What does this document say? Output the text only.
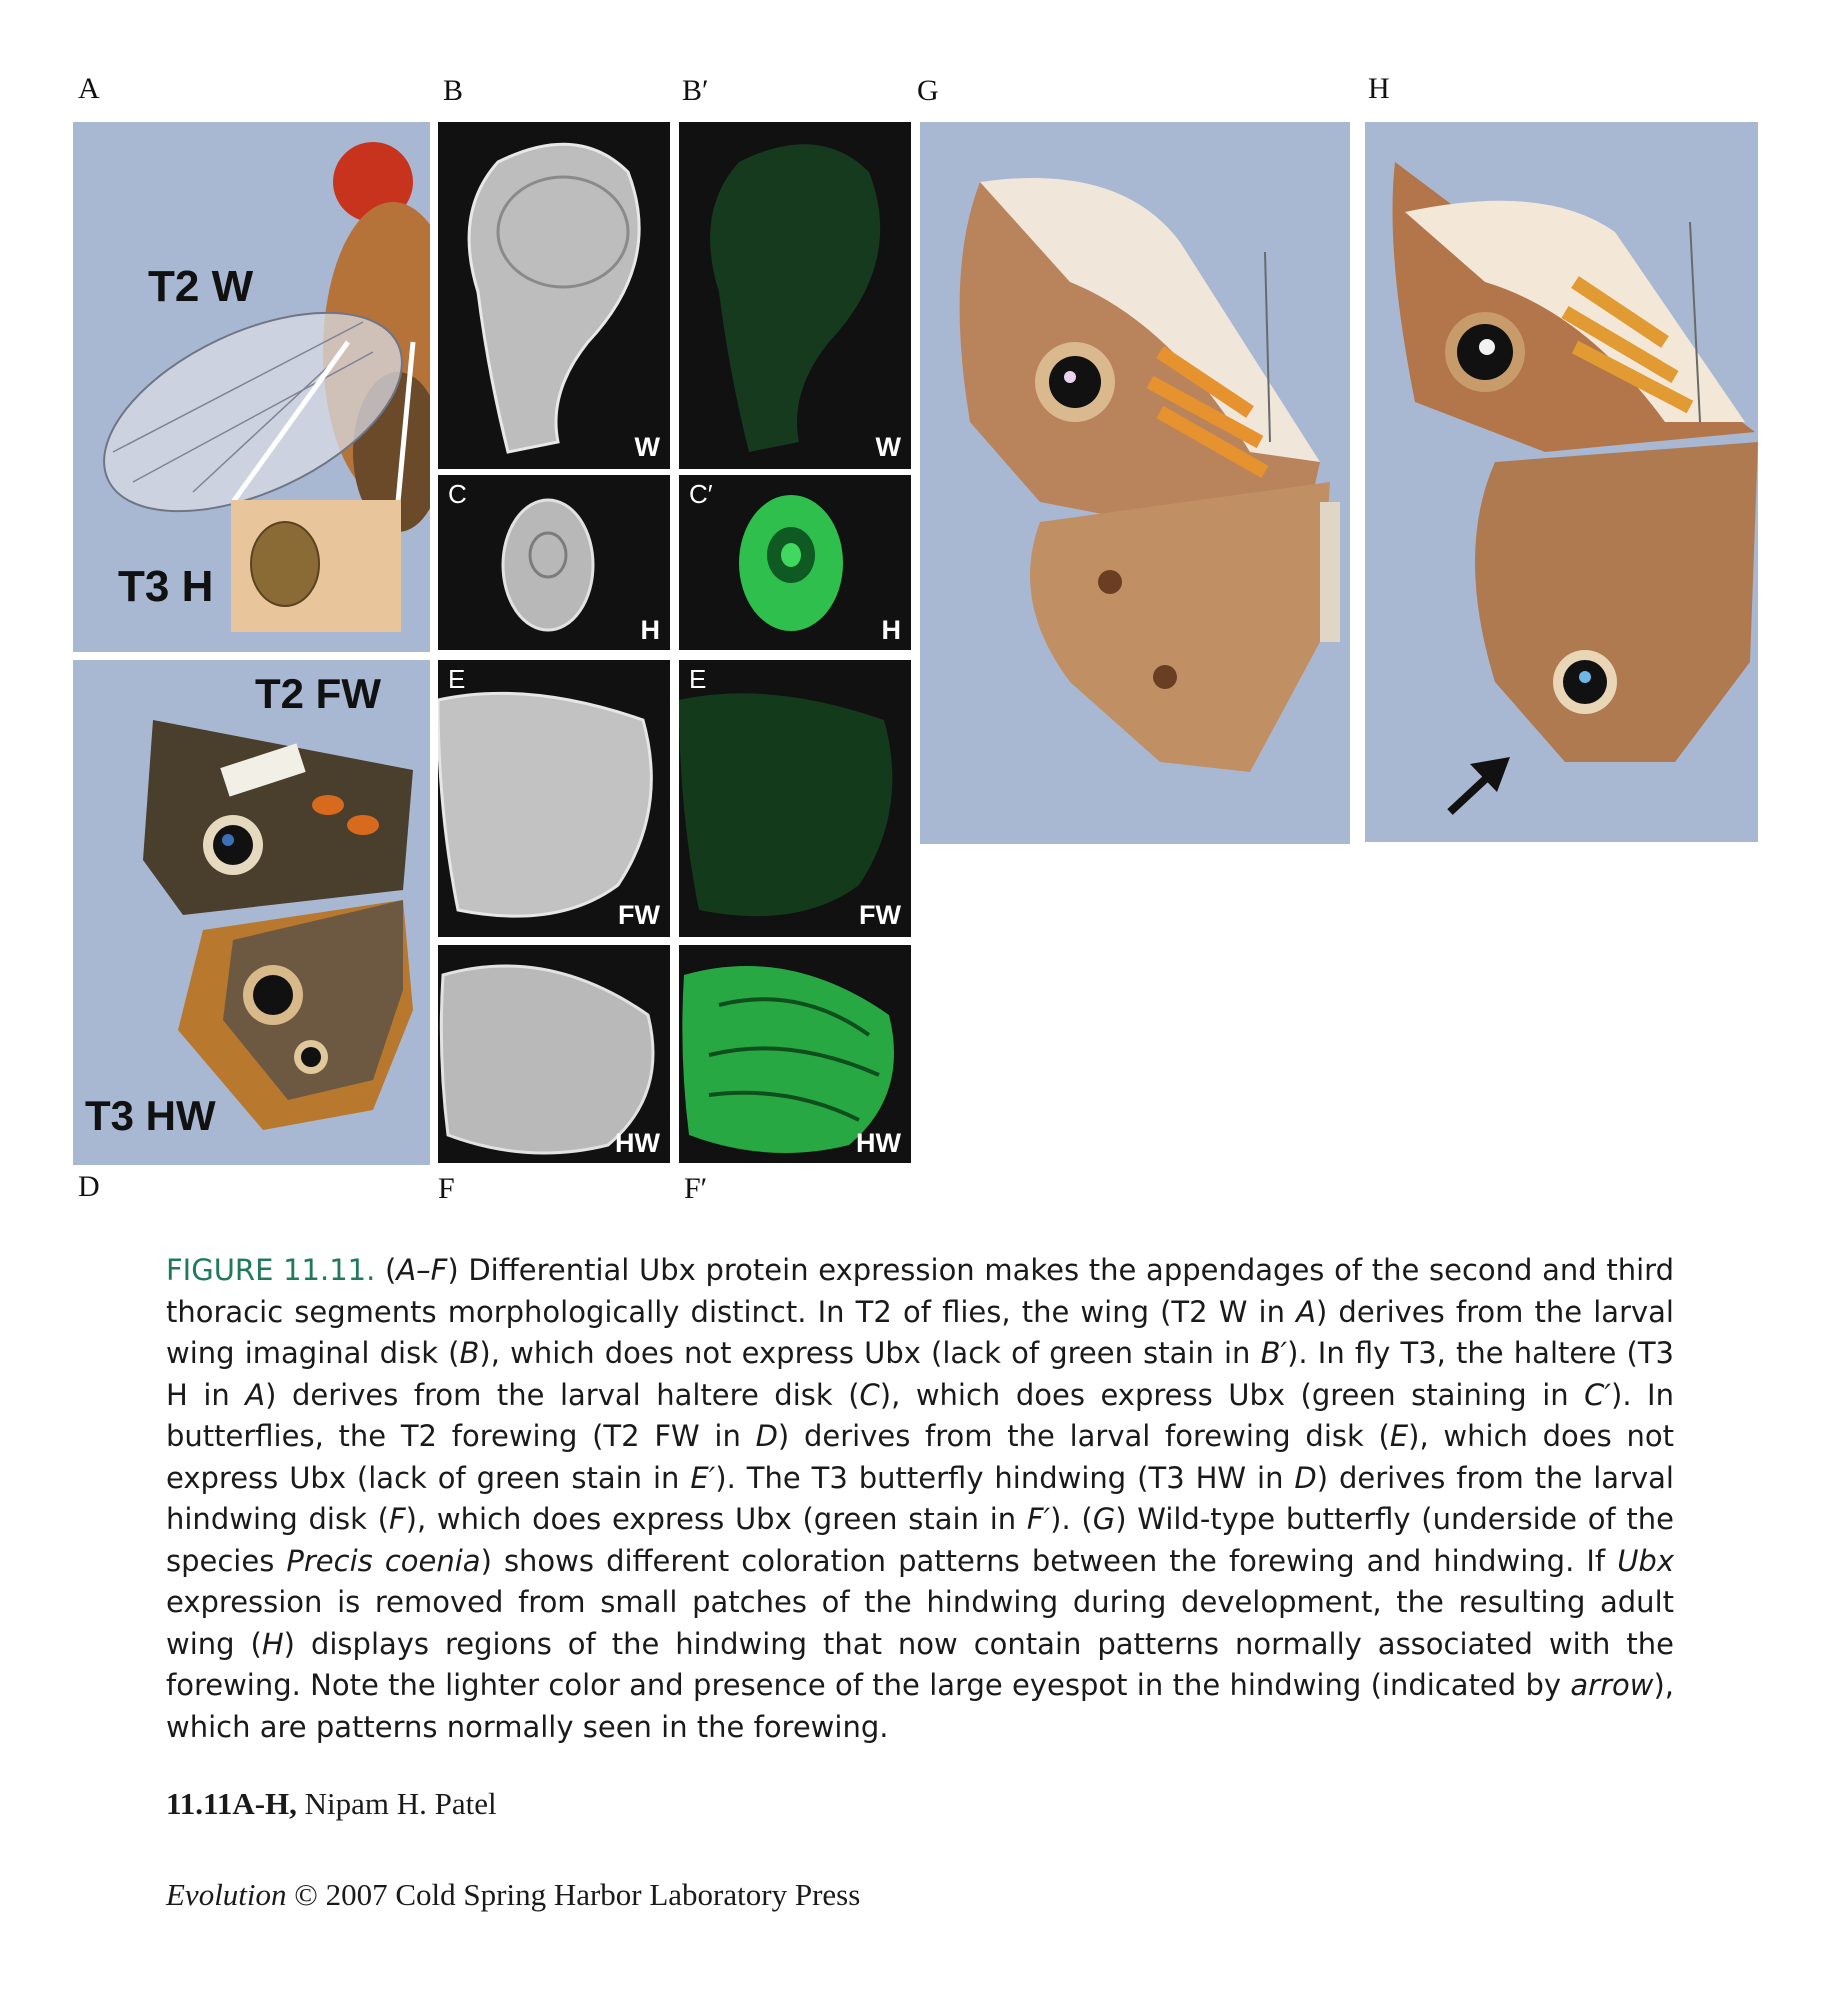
A	B	B′	G	H
D	F	F′
T2 W
T3 H
T2 FW
T3 HW
W	W
C
H
C′
H
E
FW
E
FW
HW	HW
FIGURE 11.11. (A–F) Differential Ubx protein expression makes the appendages of the second and third thoracic segments morphologically distinct. In T2 of flies, the wing (T2 W in A) derives from the larval wing imaginal disk (B), which does not express Ubx (lack of green stain in B′). In fly T3, the haltere (T3 H in A) derives from the larval haltere disk (C), which does express Ubx (green staining in C′). In butterflies, the T2 forewing (T2 FW in D) derives from the larval forewing disk (E), which does not express Ubx (lack of green stain in E′). The T3 butterfly hindwing (T3 HW in D) derives from the larval hindwing disk (F), which does express Ubx (green stain in F′). (G) Wild-type butterfly (underside of the species Precis coenia) shows different coloration patterns between the forewing and hindwing. If Ubx expression is removed from small patches of the hindwing during development, the resulting adult wing (H) displays regions of the hindwing that now contain patterns normally associated with the forewing. Note the lighter color and presence of the large eyespot in the hindwing (indicated by arrow), which are patterns normally seen in the forewing.
11.11A-H, Nipam H. Patel
Evolution © 2007 Cold Spring Harbor Laboratory Press
